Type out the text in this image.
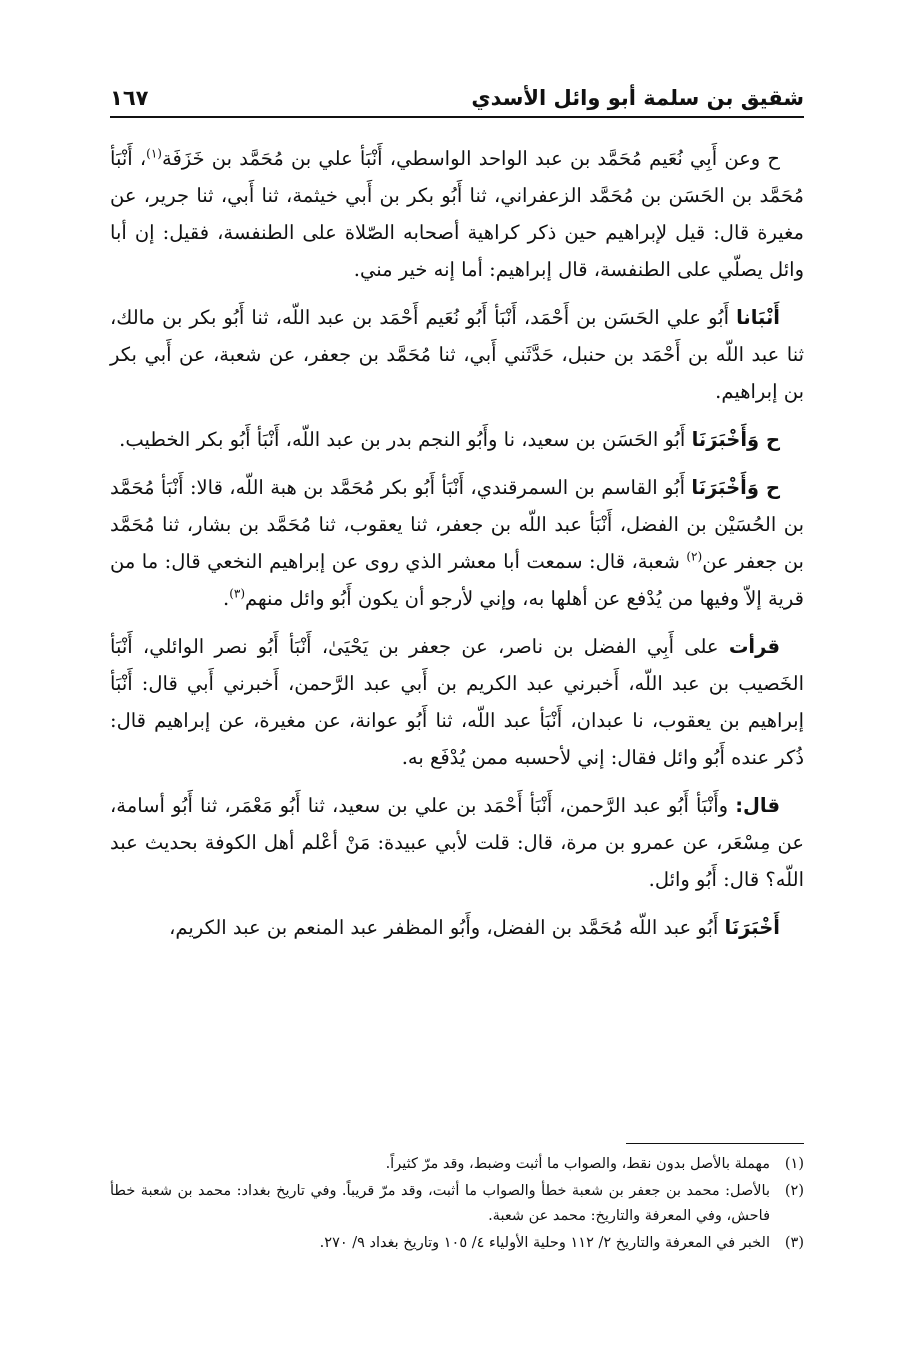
شقيق بن سلمة أبو وائل الأسدي
١٦٧

ح وعن أَبِي نُعَيم مُحَمَّد بن عبد الواحد الواسطي، أَنْبَأ علي بن مُحَمَّد بن خَزَفَة$^{(١)}$، أَنْبَأ مُحَمَّد بن الحَسَن بن مُحَمَّد الزعفراني، ثنا أَبُو بكر بن أَبي خيثمة، ثنا أَبي، ثنا جرير، عن مغيرة قال: قيل لإبراهيم حين ذكر كراهية أصحابه الصّلاة على الطنفسة، فقيل: إن أبا وائل يصلّي على الطنفسة، قال إبراهيم: أما إنه خير مني.

أَنْبَانا أَبُو علي الحَسَن بن أَحْمَد، أَنْبَأ أَبُو نُعَيم أَحْمَد بن عبد اللّه، ثنا أَبُو بكر بن مالك، ثنا عبد اللّه بن أَحْمَد بن حنبل، حَدَّثَني أَبي، ثنا مُحَمَّد بن جعفر، عن شعبة، عن أَبي بكر بن إبراهيم.

ح وَأَخْبَرَنَا أَبُو الحَسَن بن سعيد، نا وأَبُو النجم بدر بن عبد اللّه، أَنْبَأ أَبُو بكر الخطيب.

ح وَأَخْبَرَنَا أَبُو القاسم بن السمرقندي، أَنْبَأ أَبُو بكر مُحَمَّد بن هبة اللّه، قالا: أَنْبَأ مُحَمَّد بن الحُسَيْن بن الفضل، أَنْبَأ عبد اللّه بن جعفر، ثنا يعقوب، ثنا مُحَمَّد بن بشار، ثنا مُحَمَّد بن جعفر عن$^{(٢)}$ شعبة، قال: سمعت أبا معشر الذي روى عن إبراهيم النخعي قال: ما من قرية إلاّ وفيها من يُدْفع عن أهلها به، وإني لأرجو أن يكون أَبُو وائل منهم$^{(٣)}$.

قرأت على أَبِي الفضل بن ناصر، عن جعفر بن يَحْيَىٰ، أَنْبَأ أَبُو نصر الوائلي، أَنْبَأ الخَصيب بن عبد اللّه، أَخبرني عبد الكريم بن أَبي عبد الرَّحمن، أَخبرني أَبي قال: أَنْبَأ إبراهيم بن يعقوب، نا عبدان، أَنْبَأ عبد اللّه، ثنا أَبُو عوانة، عن مغيرة، عن إبراهيم قال: ذُكر عنده أَبُو وائل فقال: إني لأحسبه ممن يُدْفَع به.

قال: وأَنْبَأ أَبُو عبد الرَّحمن، أَنْبَأ أَحْمَد بن علي بن سعيد، ثنا أَبُو مَعْمَر، ثنا أَبُو أسامة، عن مِسْعَر، عن عمرو بن مرة، قال: قلت لأبي عبيدة: مَنْ أعْلم أهل الكوفة بحديث عبد اللّه؟ قال: أَبُو وائل.

أَخْبَرَنَا أَبُو عبد اللّه مُحَمَّد بن الفضل، وأَبُو المظفر عبد المنعم بن عبد الكريم،

(١)
مهملة بالأصل بدون نقط، والصواب ما أثبت وضبط، وقد مرّ كثيراً.
(٢)
بالأصل: محمد بن جعفر بن شعبة خطأ والصواب ما أثبت، وقد مرّ قريباً. وفي تاريخ بغداد: محمد بن شعبة خطأ فاحش، وفي المعرفة والتاريخ: محمد عن شعبة.
(٣)
الخبر في المعرفة والتاريخ ٢/ ١١٢ وحلية الأولياء ٤/ ١٠٥ وتاريخ بغداد ٩/ ٢٧٠.
